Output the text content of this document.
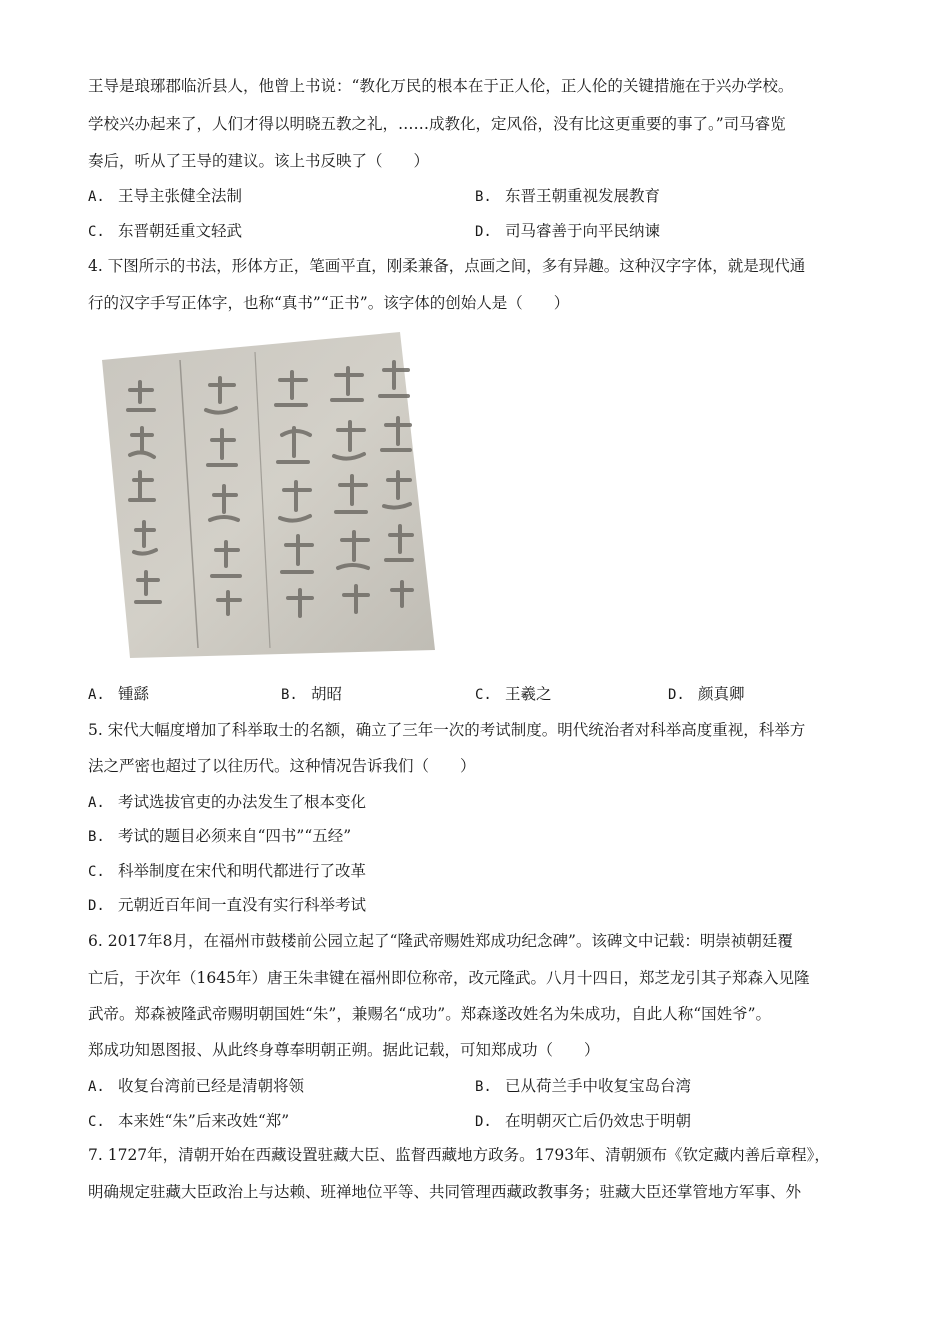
王导是琅琊郡临沂县人，他曾上书说：“教化万民的根本在于正人伦，正人伦的关键措施在于兴办学校。
学校兴办起来了，人们才得以明晓五教之礼，……成教化，定风俗，没有比这更重要的事了。”司马睿览
奏后，听从了王导的建议。该上书反映了（　　）
A. 王导主张健全法制	B. 东晋王朝重视发展教育
C. 东晋朝廷重文轻武	D. 司马睿善于向平民纳谏
4. 下图所示的书法，形体方正，笔画平直，刚柔兼备，点画之间，多有异趣。这种汉字字体，就是现代通
行的汉字手写正体字，也称“真书”“正书”。该字体的创始人是（　　）
A. 锺繇	B. 胡昭	C. 王羲之	D. 颜真卿
5. 宋代大幅度增加了科举取士的名额，确立了三年一次的考试制度。明代统治者对科举高度重视，科举方
法之严密也超过了以往历代。这种情况告诉我们（　　）
A. 考试选拔官吏的办法发生了根本变化
B. 考试的题目必须来自“四书”“五经”
C. 科举制度在宋代和明代都进行了改革
D. 元朝近百年间一直没有实行科举考试
6. 2017年8月，在福州市鼓楼前公园立起了“隆武帝赐姓郑成功纪念碑”。该碑文中记载：明崇祯朝廷覆
亡后，于次年（1645年）唐王朱聿键在福州即位称帝，改元隆武。八月十四日，郑芝龙引其子郑森入见隆
武帝。郑森被隆武帝赐明朝国姓“朱”，兼赐名“成功”。郑森遂改姓名为朱成功，自此人称“国姓爷”。
郑成功知恩图报、从此终身尊奉明朝正朔。据此记载，可知郑成功（　　）
A. 收复台湾前已经是清朝将领	B. 已从荷兰手中收复宝岛台湾
C. 本来姓“朱”后来改姓“郑”	D. 在明朝灭亡后仍效忠于明朝
7. 1727年，清朝开始在西藏设置驻藏大臣、监督西藏地方政务。1793年、清朝颁布《钦定藏内善后章程》，
明确规定驻藏大臣政治上与达赖、班禅地位平等、共同管理西藏政教事务；驻藏大臣还掌管地方军事、外
